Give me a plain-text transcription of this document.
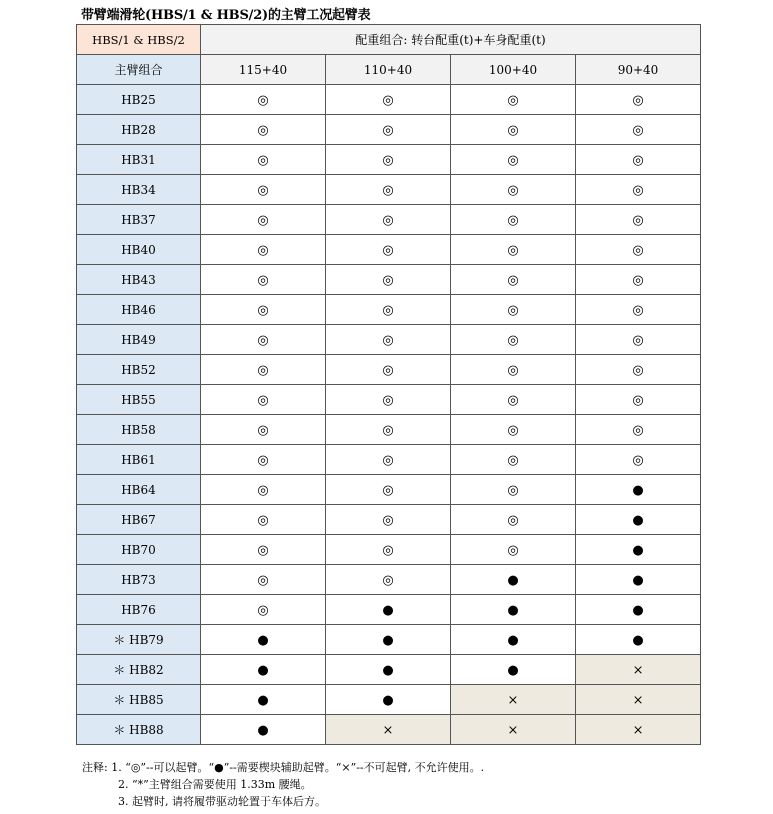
带臂端滑轮(HBS/1 & HBS/2)的主臂工况起臂表
HBS/1 & HBS/2	配重组合: 转台配重(t)+车身配重(t)			
主臂组合	115+40	110+40	100+40	90+40
HB25	◎	◎	◎	◎
HB28	◎	◎	◎	◎
HB31	◎	◎	◎	◎
HB34	◎	◎	◎	◎
HB37	◎	◎	◎	◎
HB40	◎	◎	◎	◎
HB43	◎	◎	◎	◎
HB46	◎	◎	◎	◎
HB49	◎	◎	◎	◎
HB52	◎	◎	◎	◎
HB55	◎	◎	◎	◎
HB58	◎	◎	◎	◎
HB61	◎	◎	◎	◎
HB64	◎	◎	◎	●
HB67	◎	◎	◎	●
HB70	◎	◎	◎	●
HB73	◎	◎	●	●
HB76	◎	●	●	●
＊ HB79	●	●	●	●
＊ HB82	●	●	●	×
＊ HB85	●	●	×	×
＊ HB88	●	×	×	×
注释: 1. “◎”--可以起臂。“●”--需要楔块辅助起臂。“×”--不可起臂, 不允许使用。.
2. “*”主臂组合需要使用 1.33m 腰绳。
3. 起臂时, 请将履带驱动轮置于车体后方。
